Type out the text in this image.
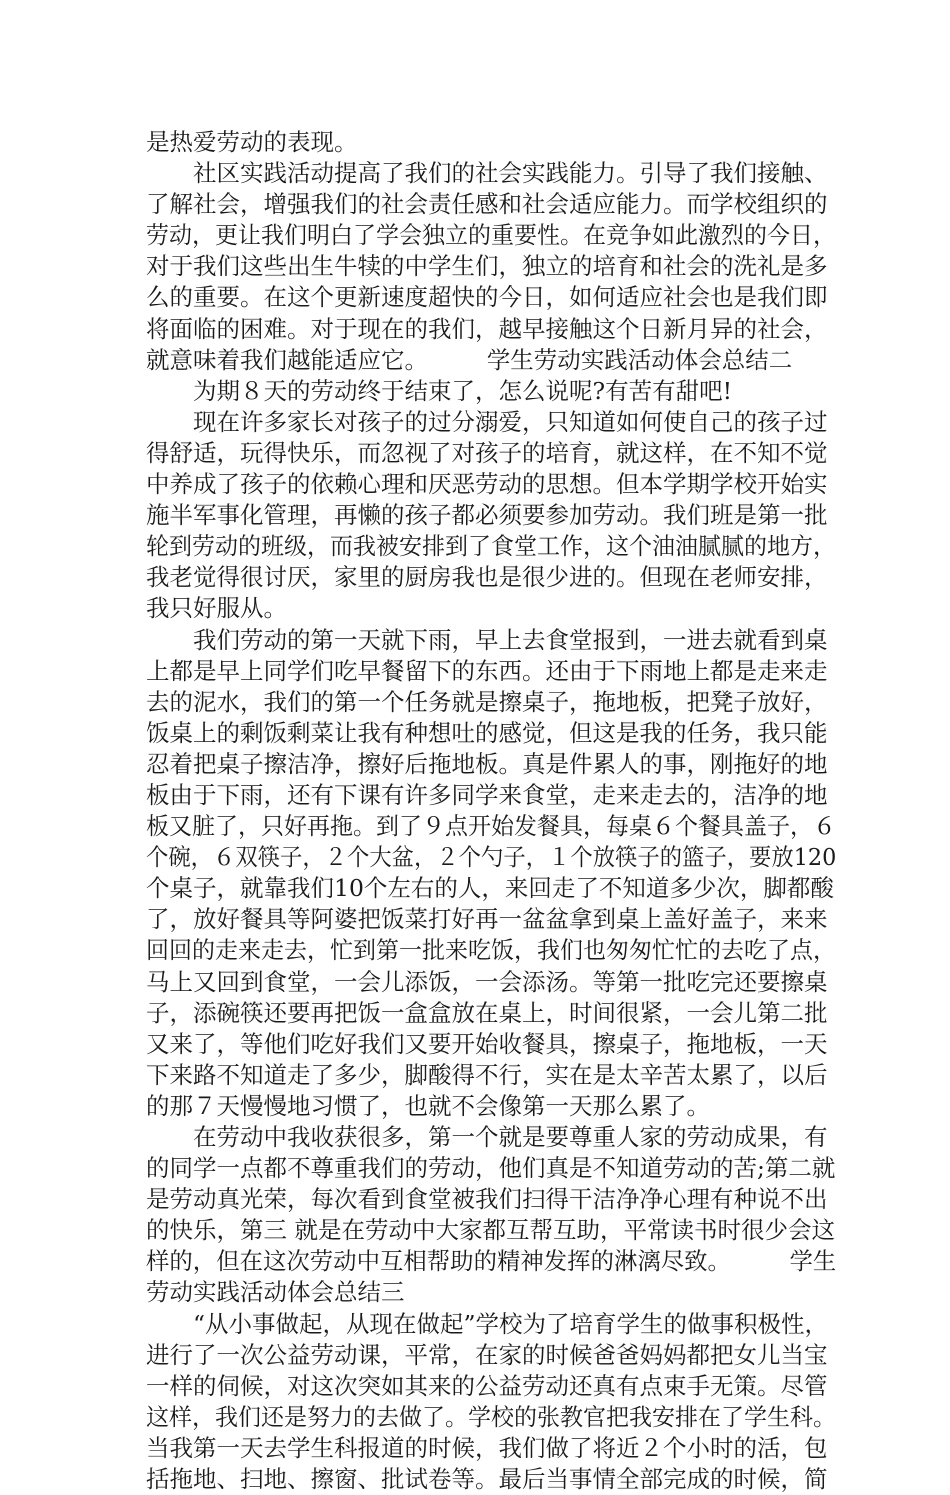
是热爱劳动的表现。
　　社区实践活动提高了我们的社会实践能力。引导了我们接触、
了解社会，增强我们的社会责任感和社会适应能力。而学校组织的
劳动，更让我们明白了学会独立的重要性。在竞争如此激烈的今日，
对于我们这些出生牛犊的中学生们，独立的培育和社会的洗礼是多
么的重要。在这个更新速度超快的今日，如何适应社会也是我们即
将面临的困难。对于现在的我们，越早接触这个日新月异的社会，
就意味着我们越能适应它。　　　学生劳动实践活动体会总结二
　　为期８天的劳动终于结束了，怎么说呢?有苦有甜吧!
　　现在许多家长对孩子的过分溺爱，只知道如何使自己的孩子过
得舒适，玩得快乐，而忽视了对孩子的培育，就这样，在不知不觉
中养成了孩子的依赖心理和厌恶劳动的思想。但本学期学校开始实
施半军事化管理，再懒的孩子都必须要参加劳动。我们班是第一批
轮到劳动的班级，而我被安排到了食堂工作，这个油油腻腻的地方，
我老觉得很讨厌，家里的厨房我也是很少进的。但现在老师安排，
我只好服从。
　　我们劳动的第一天就下雨，早上去食堂报到，一进去就看到桌
上都是早上同学们吃早餐留下的东西。还由于下雨地上都是走来走
去的泥水，我们的第一个任务就是擦桌子，拖地板，把凳子放好，
饭桌上的剩饭剩菜让我有种想吐的感觉，但这是我的任务，我只能
忍着把桌子擦洁净，擦好后拖地板。真是件累人的事，刚拖好的地
板由于下雨，还有下课有许多同学来食堂，走来走去的，洁净的地
板又脏了，只好再拖。到了９点开始发餐具，每桌６个餐具盖子，６
个碗，６双筷子，２个大盆，２个勺子，１个放筷子的篮子，要放120
个桌子，就靠我们10个左右的人，来回走了不知道多少次，脚都酸
了，放好餐具等阿婆把饭菜打好再一盆盆拿到桌上盖好盖子，来来
回回的走来走去，忙到第一批来吃饭，我们也匆匆忙忙的去吃了点，
马上又回到食堂，一会儿添饭，一会添汤。等第一批吃完还要擦桌
子，添碗筷还要再把饭一盒盒放在桌上，时间很紧，一会儿第二批
又来了，等他们吃好我们又要开始收餐具，擦桌子，拖地板，一天
下来路不知道走了多少，脚酸得不行，实在是太辛苦太累了，以后
的那７天慢慢地习惯了，也就不会像第一天那么累了。
　　在劳动中我收获很多，第一个就是要尊重人家的劳动成果，有
的同学一点都不尊重我们的劳动，他们真是不知道劳动的苦;第二就
是劳动真光荣，每次看到食堂被我们扫得干洁净净心理有种说不出
的快乐，第三 就是在劳动中大家都互帮互助，平常读书时很少会这
样的，但在这次劳动中互相帮助的精神发挥的淋漓尽致。　　　学生
劳动实践活动体会总结三
　　“从小事做起，从现在做起”学校为了培育学生的做事积极性，
进行了一次公益劳动课，平常，在家的时候爸爸妈妈都把女儿当宝
一样的伺候，对这次突如其来的公益劳动还真有点束手无策。尽管
这样，我们还是努力的去做了。学校的张教官把我安排在了学生科。
当我第一天去学生科报道的时候，我们做了将近２个小时的活，包
括拖地、扫地、擦窗、批试卷等。最后当事情全部完成的时候，简
